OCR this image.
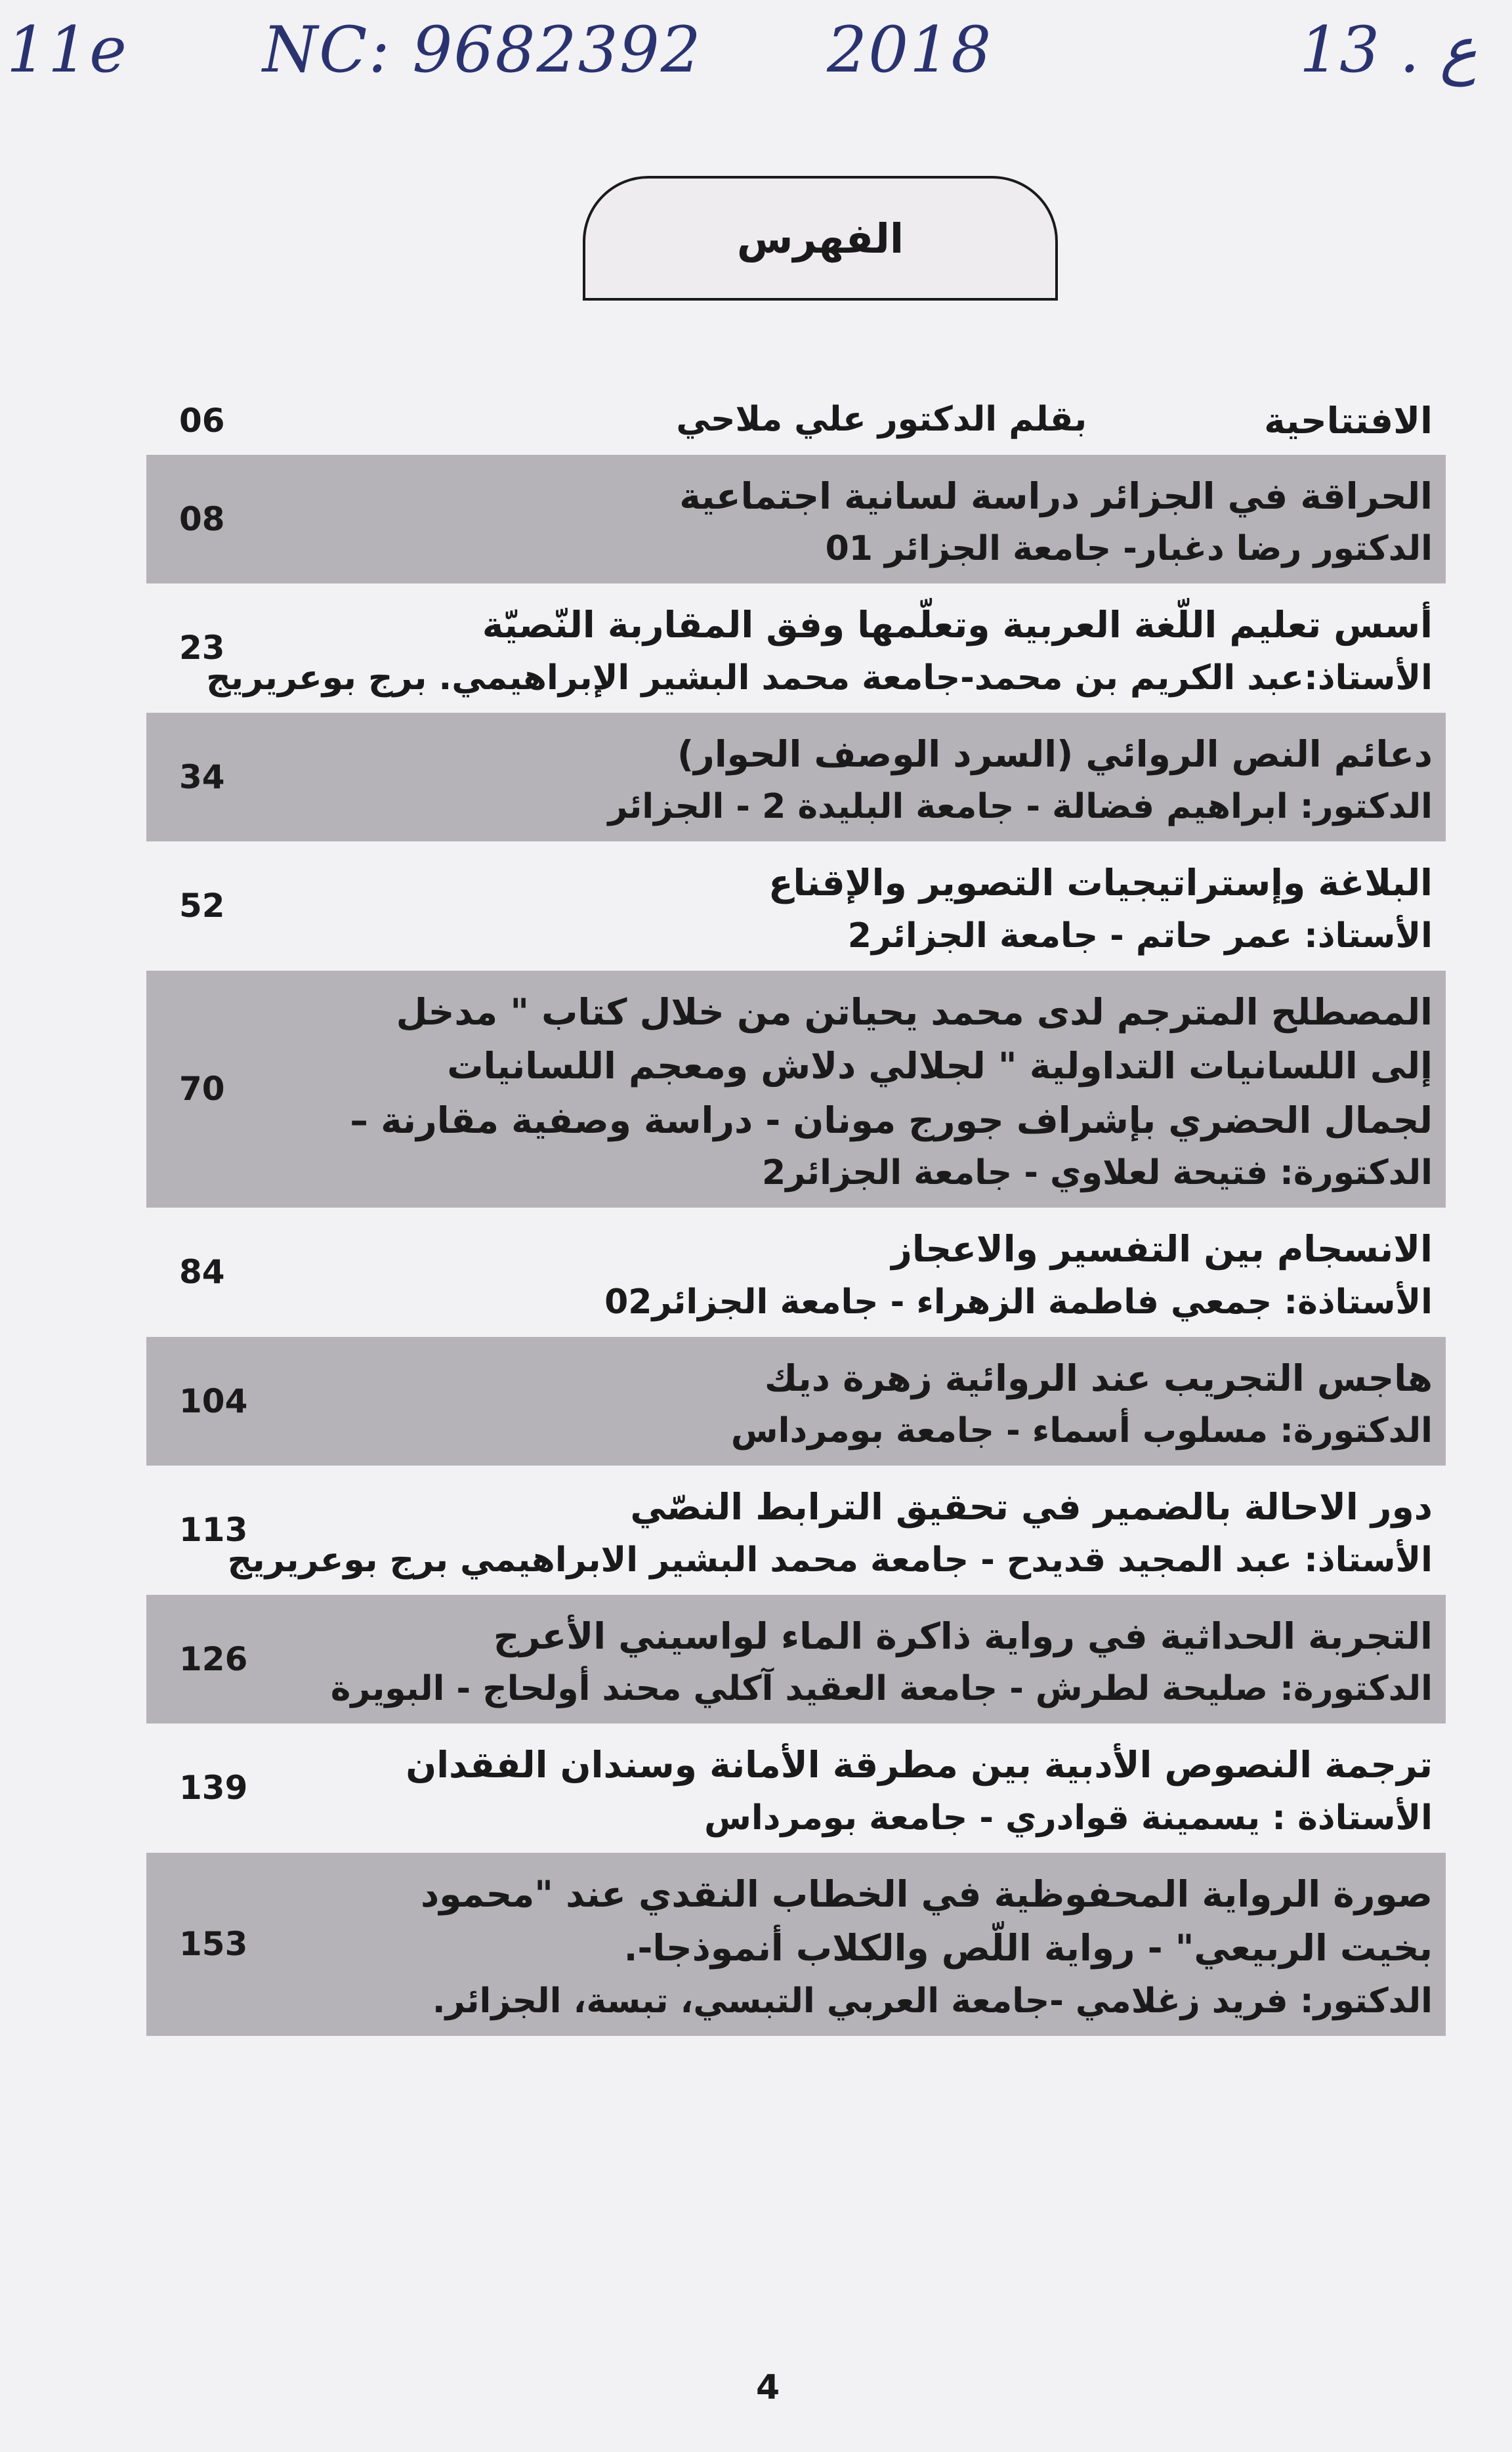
11e NC: 9682392 2018	13 . ع
الفهرس
الافتتاحية
بقلم الدكتور علي ملاحي
06
الحراقة في الجزائر دراسة لسانية اجتماعية
الدكتور رضا دغبار- جامعة الجزائر 01
08
أسس تعليم اللّغة العربية وتعلّمها وفق المقاربة النّصيّة
الأستاذ:عبد الكريم بن محمد-جامعة محمد البشير الإبراهيمي. برج بوعريريج
23
دعائم النص الروائي (السرد الوصف الحوار)
الدكتور: ابراهيم فضالة - جامعة البليدة 2 - الجزائر
34
البلاغة وإستراتيجيات التصوير والإقناع
الأستاذ: عمر حاتم - جامعة الجزائر2
52
المصطلح المترجم لدى محمد يحياتن من خلال كتاب " مدخل إلى اللسانيات التداولية " لجلالي دلاش ومعجم اللسانيات لجمال الحضري بإشراف جورج مونان - دراسة وصفية مقارنة –
الدكتورة: فتيحة لعلاوي - جامعة الجزائر2
70
الانسجام بين التفسير والاعجاز
الأستاذة: جمعي فاطمة الزهراء - جامعة الجزائر02
84
هاجس التجريب عند الروائية زهرة ديك
الدكتورة: مسلوب أسماء - جامعة بومرداس
104
دور الاحالة بالضمير في تحقيق الترابط النصّي
الأستاذ: عبد المجيد قديدح - جامعة محمد البشير الابراهيمي برج بوعريريج
113
التجربة الحداثية في رواية ذاكرة الماء لواسيني الأعرج
الدكتورة: صليحة لطرش - جامعة العقيد آكلي محند أولحاج - البويرة
126
ترجمة النصوص الأدبية بين مطرقة الأمانة وسندان الفقدان
الأستاذة : يسمينة قوادري - جامعة بومرداس
139
صورة الرواية المحفوظية في الخطاب النقدي عند "محمود بخيت الربيعي" - رواية اللّص والكلاب أنموذجا-.
الدكتور: فريد زغلامي -جامعة العربي التبسي، تبسة، الجزائر.
153
4
